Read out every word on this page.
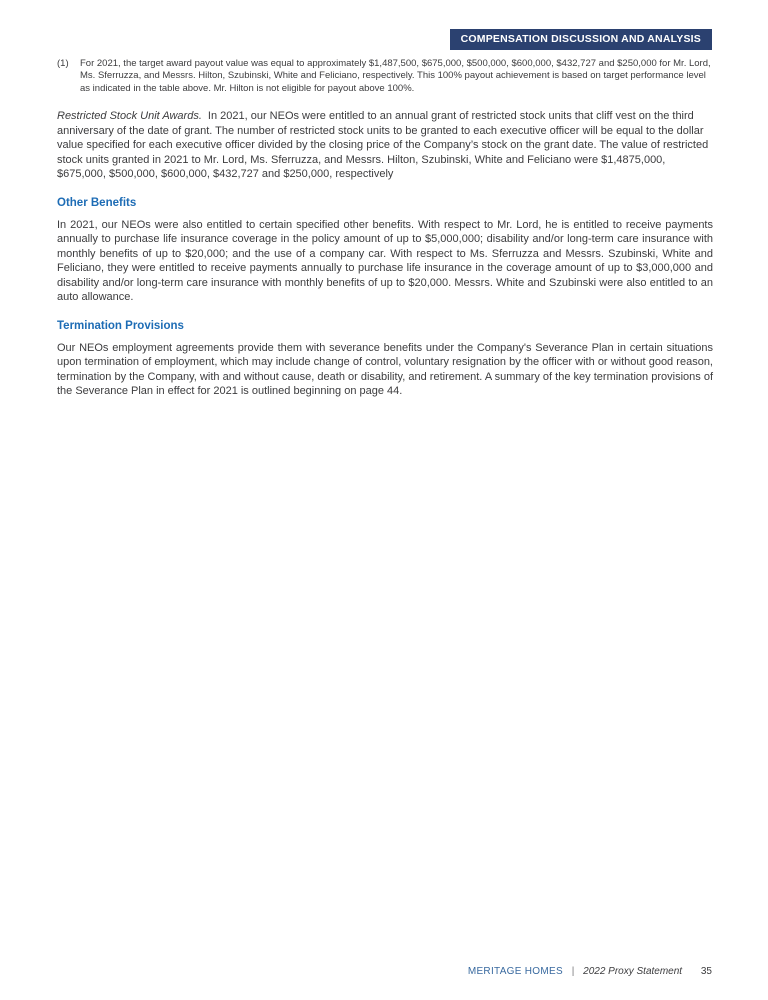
COMPENSATION DISCUSSION AND ANALYSIS
(1)	For 2021, the target award payout value was equal to approximately $1,487,500, $675,000, $500,000, $600,000, $432,727 and $250,000 for Mr. Lord, Ms. Sferruzza, and Messrs. Hilton, Szubinski, White and Feliciano, respectively. This 100% payout achievement is based on target performance level as indicated in the table above. Mr. Hilton is not eligible for payout above 100%.

Restricted Stock Unit Awards. In 2021, our NEOs were entitled to an annual grant of restricted stock units that cliff vest on the third anniversary of the date of grant. The number of restricted stock units to be granted to each executive officer will be equal to the dollar value specified for each executive officer divided by the closing price of the Company’s stock on the grant date. The value of restricted stock units granted in 2021 to Mr. Lord, Ms. Sferruzza, and Messrs. Hilton, Szubinski, White and Feliciano were $1,4875,000, $675,000, $500,000, $600,000, $432,727 and $250,000, respectively

Other Benefits

In 2021, our NEOs were also entitled to certain specified other benefits. With respect to Mr. Lord, he is entitled to receive payments annually to purchase life insurance coverage in the policy amount of up to $5,000,000; disability and/or long-term care insurance with monthly benefits of up to $20,000; and the use of a company car. With respect to Ms. Sferruzza and Messrs. Szubinski, White and Feliciano, they were entitled to receive payments annually to purchase life insurance in the coverage amount of up to $3,000,000 and disability and/or long-term care insurance with monthly benefits of up to $20,000. Messrs. White and Szubinski were also entitled to an auto allowance.

Termination Provisions

Our NEOs employment agreements provide them with severance benefits under the Company's Severance Plan in certain situations upon termination of employment, which may include change of control, voluntary resignation by the officer with or without good reason, termination by the Company, with and without cause, death or disability, and retirement. A summary of the key termination provisions of the Severance Plan in effect for 2021 is outlined beginning on page 44.

MERITAGE HOMES | 2022 Proxy Statement 35
